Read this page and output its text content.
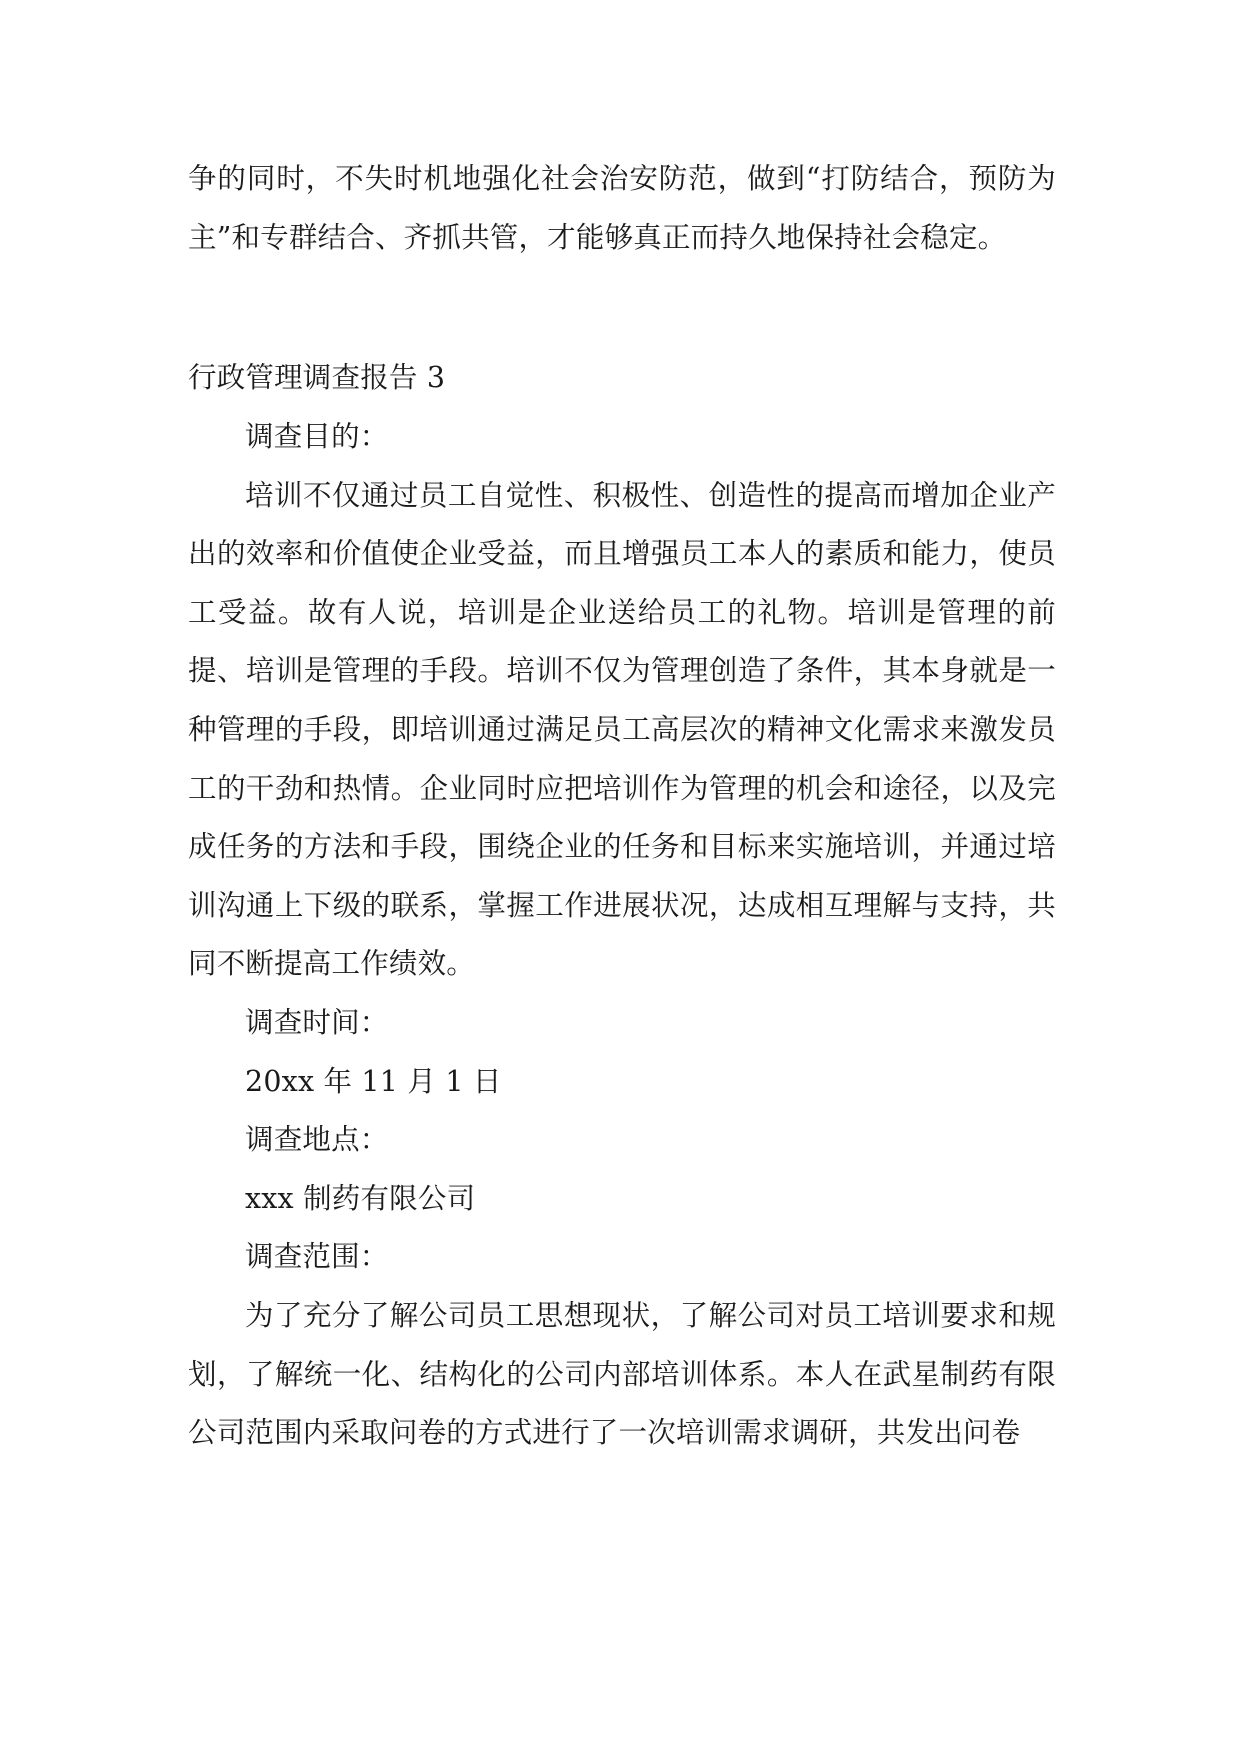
争的同时，不失时机地强化社会治安防范，做到“打防结合，预防为主”和专群结合、齐抓共管，才能够真正而持久地保持社会稳定。

行政管理调查报告 3

调查目的：

培训不仅通过员工自觉性、积极性、创造性的提高而增加企业产出的效率和价值使企业受益，而且增强员工本人的素质和能力，使员工受益。故有人说，培训是企业送给员工的礼物。培训是管理的前提、培训是管理的手段。培训不仅为管理创造了条件，其本身就是一种管理的手段，即培训通过满足员工高层次的精神文化需求来激发员工的干劲和热情。企业同时应把培训作为管理的机会和途径，以及完成任务的方法和手段，围绕企业的任务和目标来实施培训，并通过培训沟通上下级的联系，掌握工作进展状况，达成相互理解与支持，共同不断提高工作绩效。

调查时间：

20xx 年 11 月 1 日

调查地点：

xxx 制药有限公司

调查范围：

为了充分了解公司员工思想现状，了解公司对员工培训要求和规划，了解统一化、结构化的公司内部培训体系。本人在武星制药有限公司范围内采取问卷的方式进行了一次培训需求调研，共发出问卷
